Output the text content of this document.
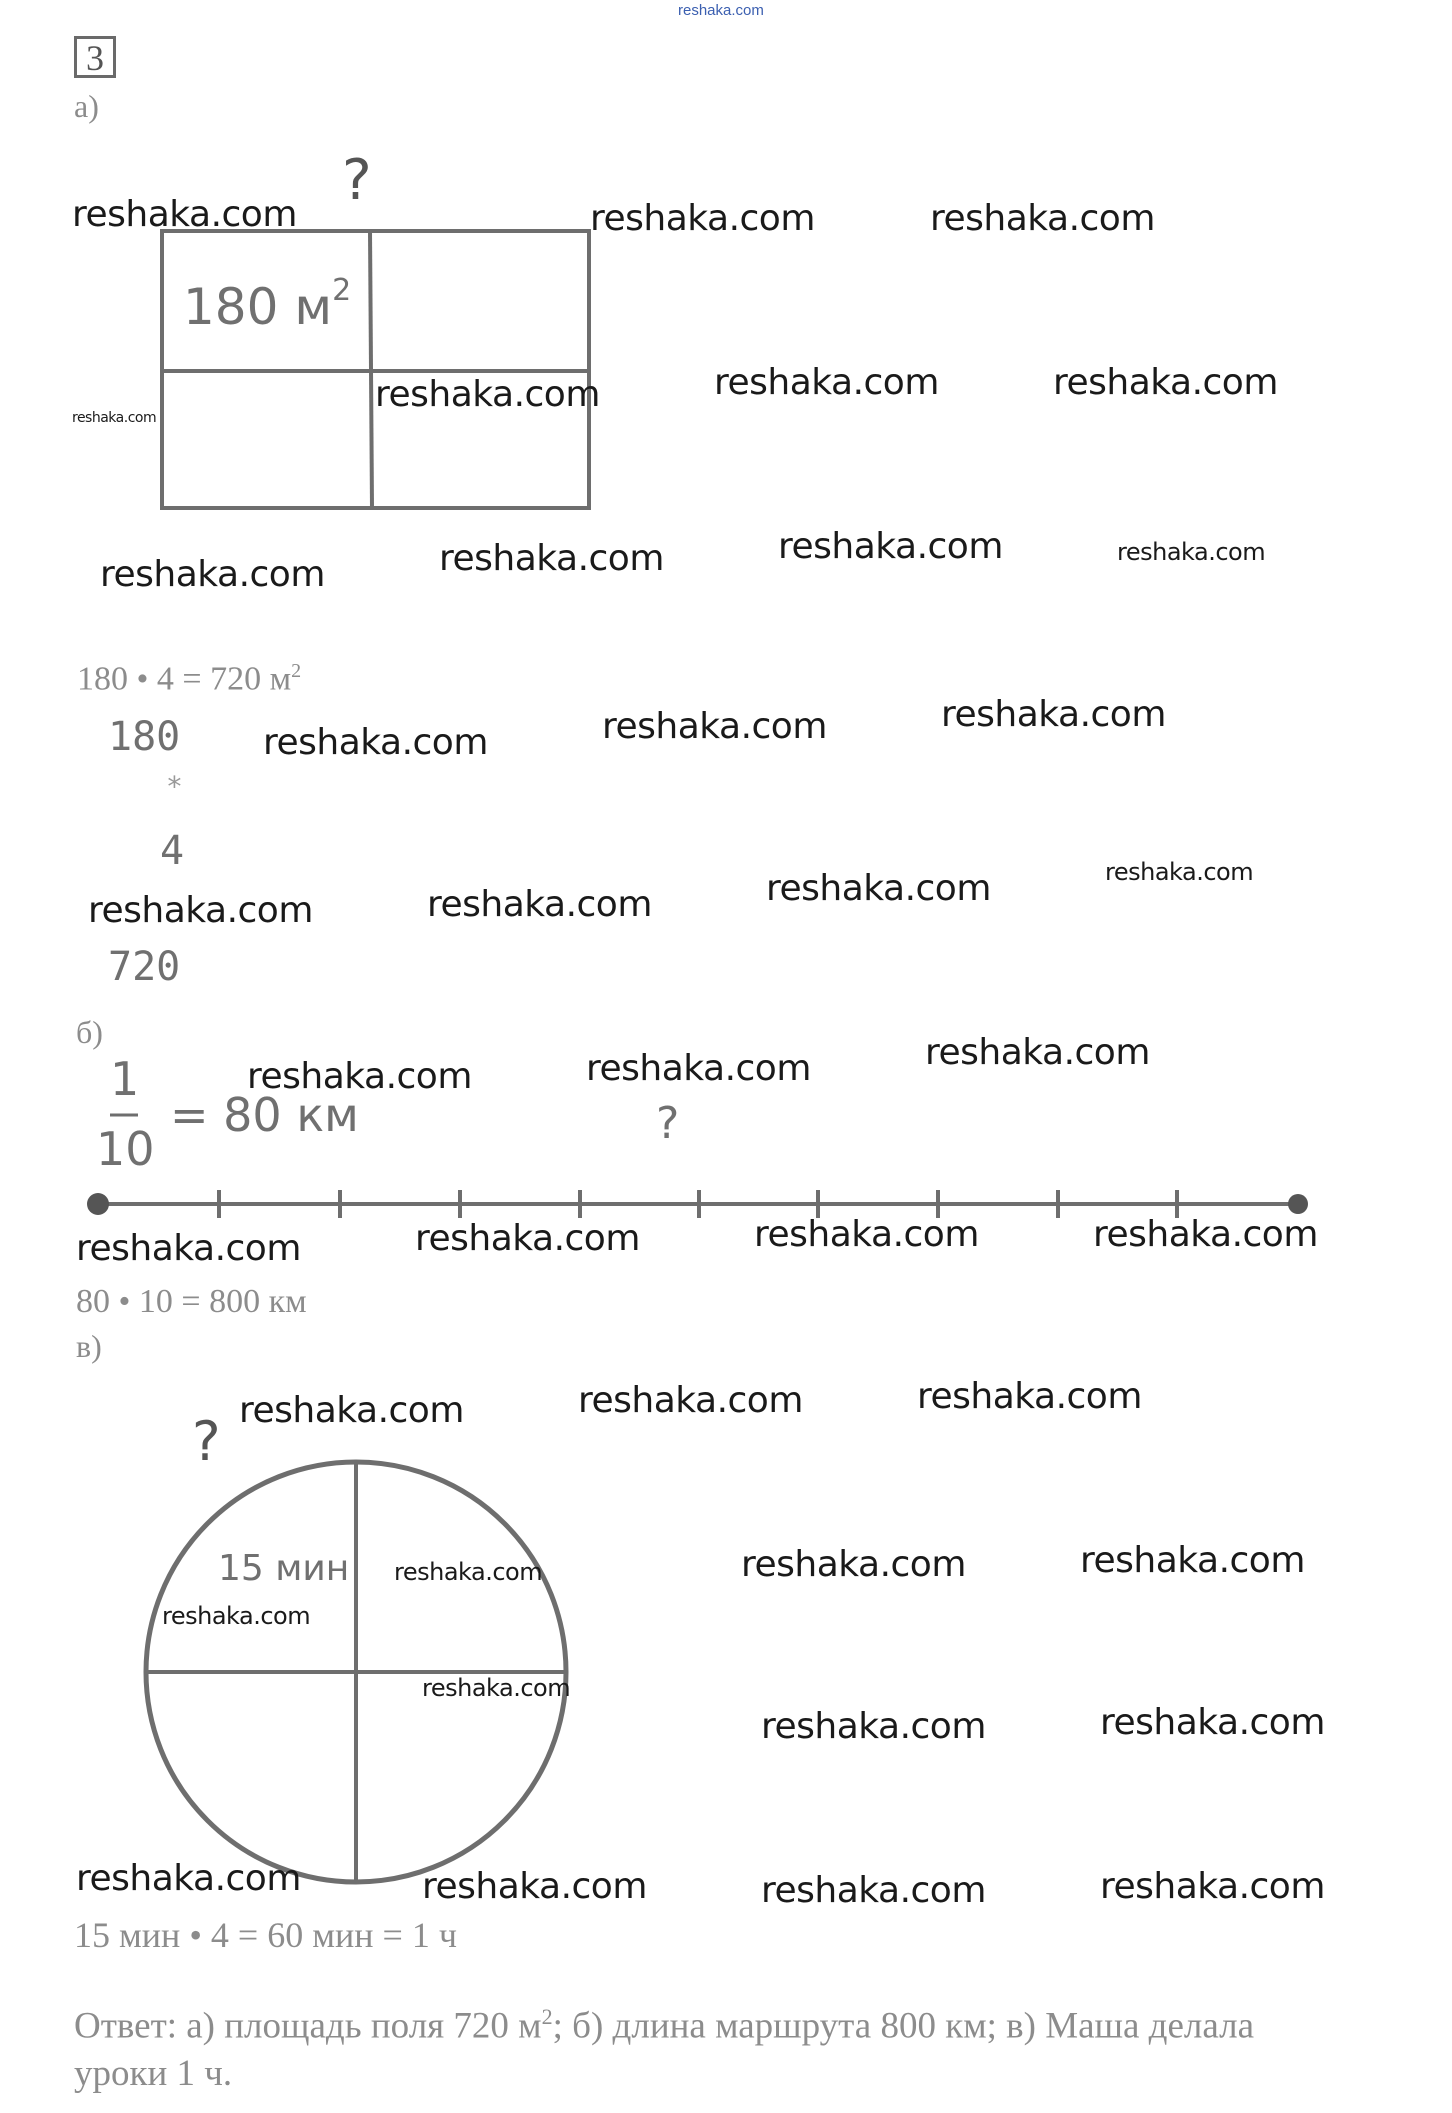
reshaka.com
3
а)
?
180 $м^2$
180 • 4 = 720 $м^2$
180
*
4
720
б)
1
10
= 80 км	?
80 • 10 = 800 км
в)
?
15 мин
15 мин • 4 = 60 мин = 1 ч
Ответ: а) площадь поля 720 $м^2$; б) длина маршрута 800 км; в) Маша делала
уроки 1 ч.
reshaka.com	reshaka.com	reshaka.com
reshaka.com
reshaka.com	reshaka.com	reshaka.com
reshaka.com	reshaka.com	reshaka.com	reshaka.com
reshaka.com	reshaka.com	reshaka.com
reshaka.com	reshaka.com	reshaka.com	reshaka.com
reshaka.com	reshaka.com	reshaka.com
reshaka.com	reshaka.com	reshaka.com	reshaka.com
reshaka.com	reshaka.com	reshaka.com
reshaka.com
reshaka.com
reshaka.com	reshaka.com
reshaka.com
reshaka.com	reshaka.com
reshaka.com	reshaka.com	reshaka.com	reshaka.com
